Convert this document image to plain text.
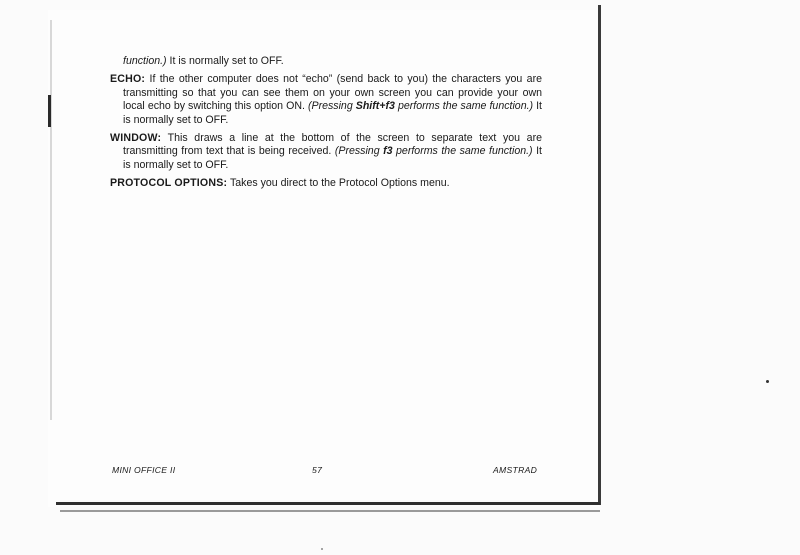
function.) It is normally set to OFF.

ECHO: If the other computer does not “echo” (send back to you) the characters you are transmitting so that you can see them on your own screen you can provide your own local echo by switching this option ON. (Pressing Shift+f3 performs the same function.) It is normally set to OFF.

WINDOW: This draws a line at the bottom of the screen to separate text you are transmitting from text that is being received. (Pressing f3 performs the same function.) It is normally set to OFF.

PROTOCOL OPTIONS: Takes you direct to the Protocol Options menu.

MINI OFFICE II	57	AMSTRAD
